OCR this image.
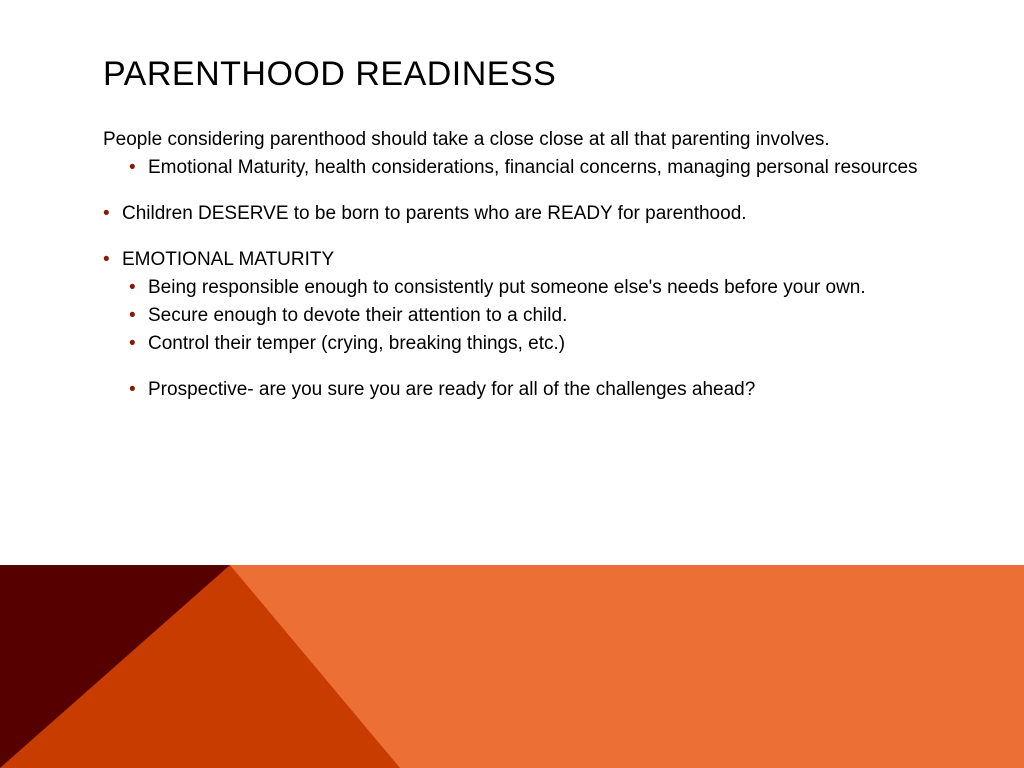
PARENTHOOD READINESS
People considering parenthood should take a close close at all that parenting involves.
• Emotional Maturity, health considerations, financial concerns, managing personal resources
• Children DESERVE to be born to parents who are READY for parenthood.
• EMOTIONAL MATURITY
• Being responsible enough to consistently put someone else's needs before your own.
• Secure enough to devote their attention to a child.
• Control their temper (crying, breaking things, etc.)
• Prospective- are you sure you are ready for all of the challenges ahead?
